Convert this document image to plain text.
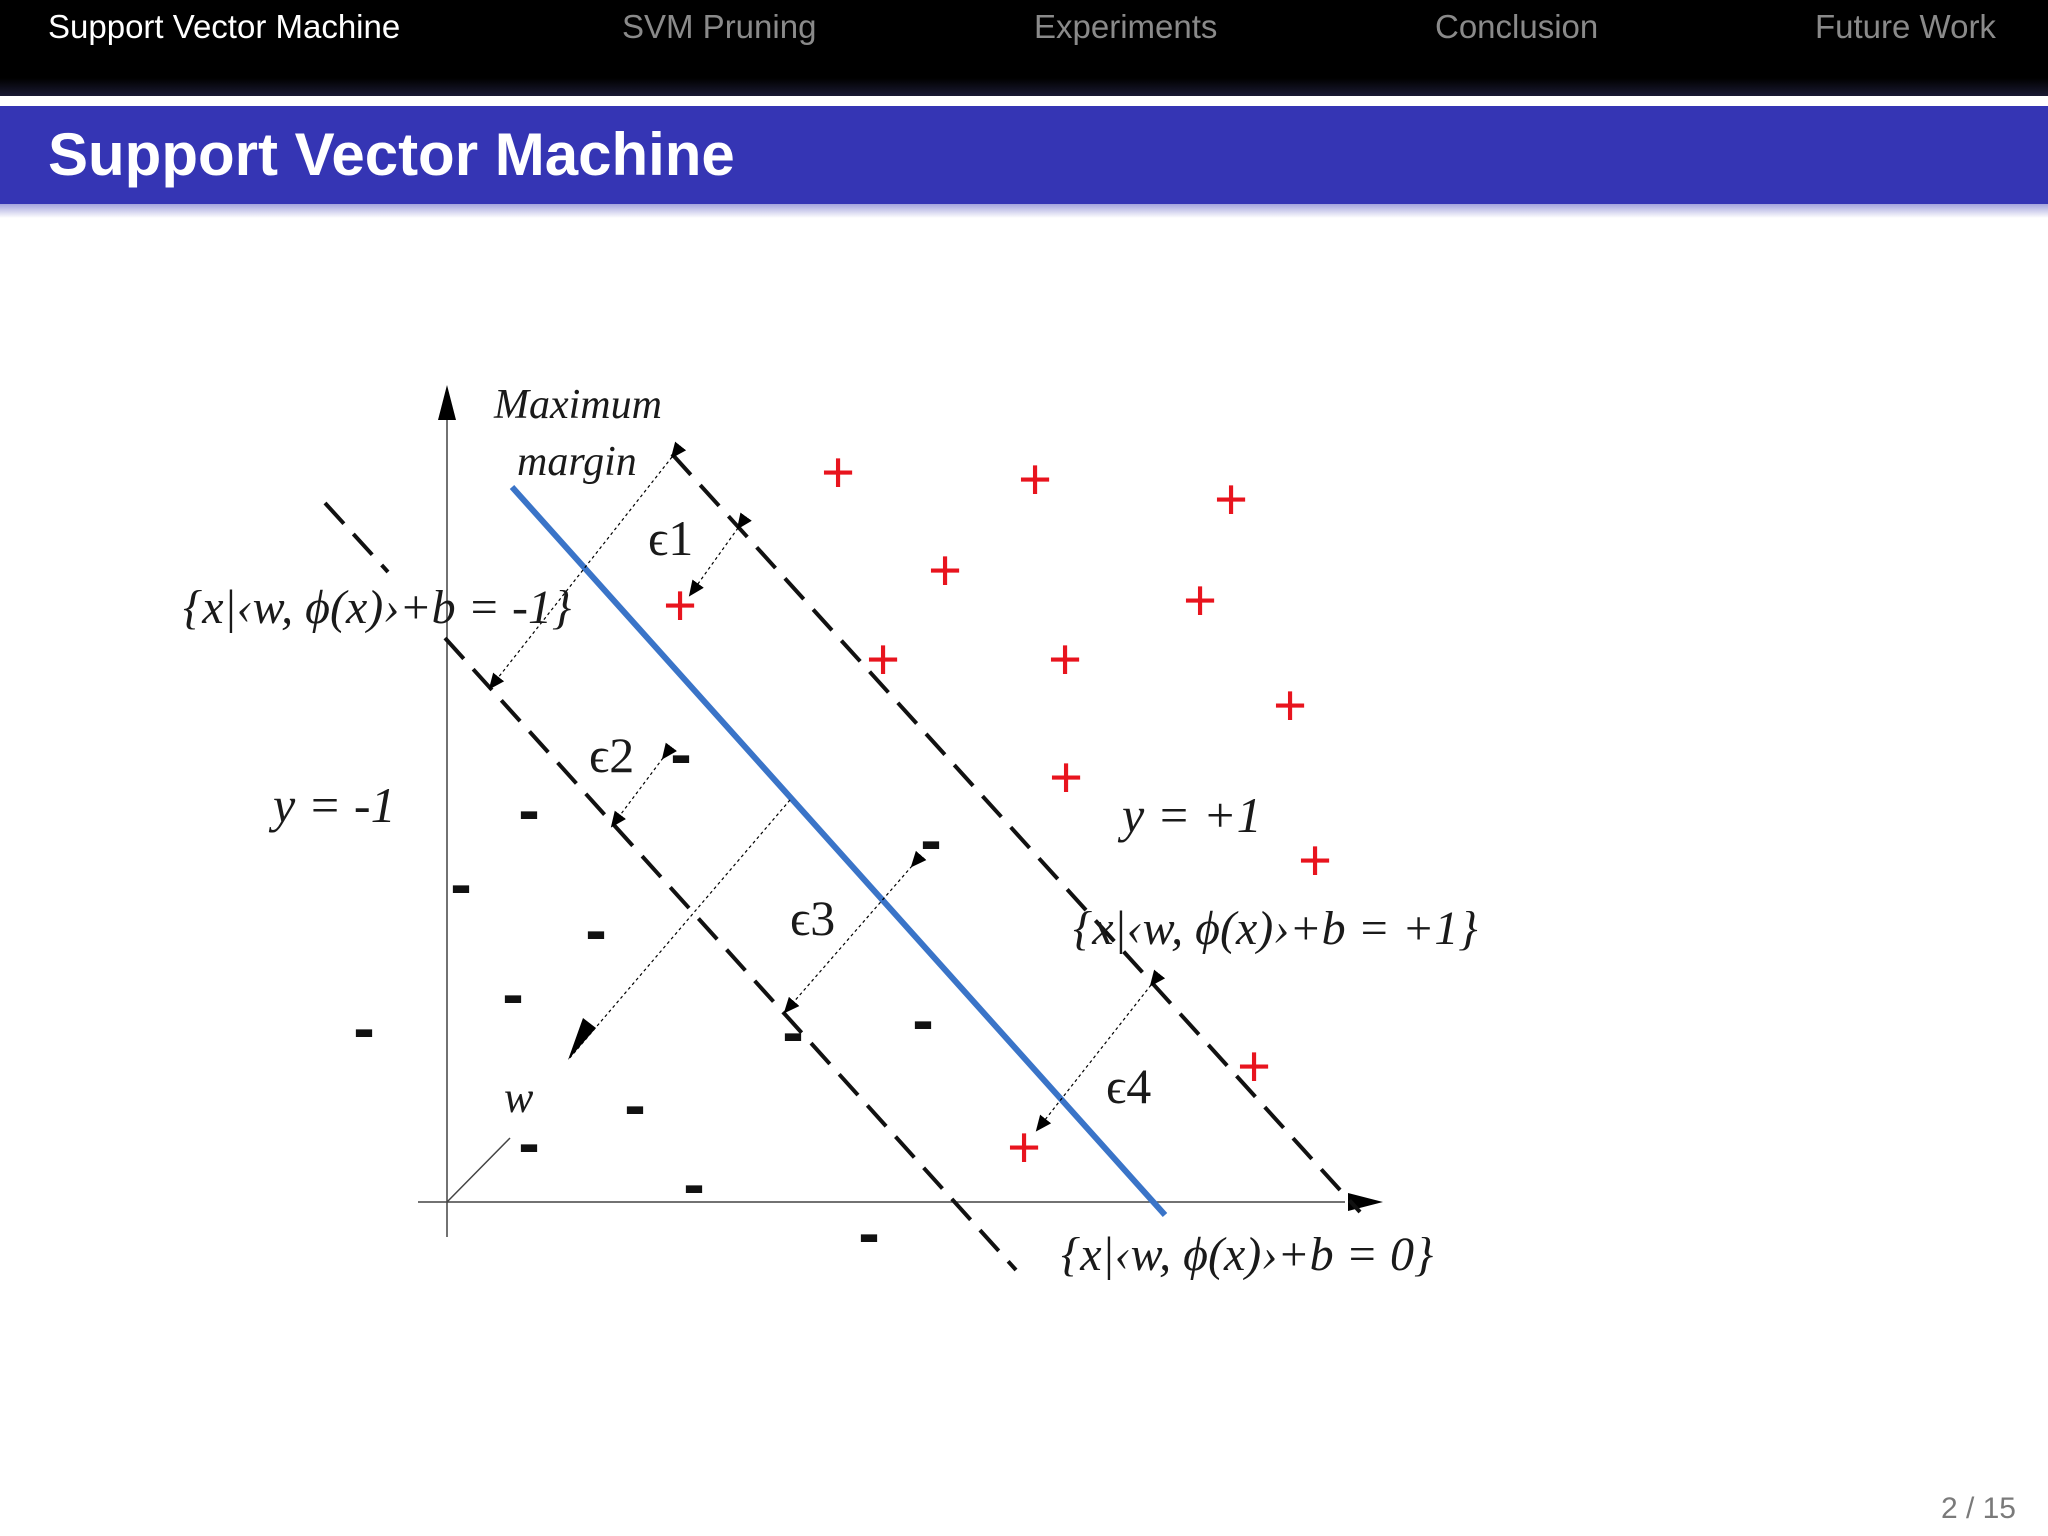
Support Vector Machine	SVM Pruning	Experiments	Conclusion	Future Work
Support Vector Machine
+	+	+
+	+
+
+	+
+
+
+
+
+
-
-	-
-
-
-
-	-
-
-
-
-
-
Maximum
margin
{x|‹w, ϕ(x)›+b = -1}
{x|‹w, ϕ(x)›+b = +1}
{x|‹w, ϕ(x)›+b = 0}
y = -1	y = +1
w
ϵ1
ϵ2
ϵ3
ϵ4
2 / 15
